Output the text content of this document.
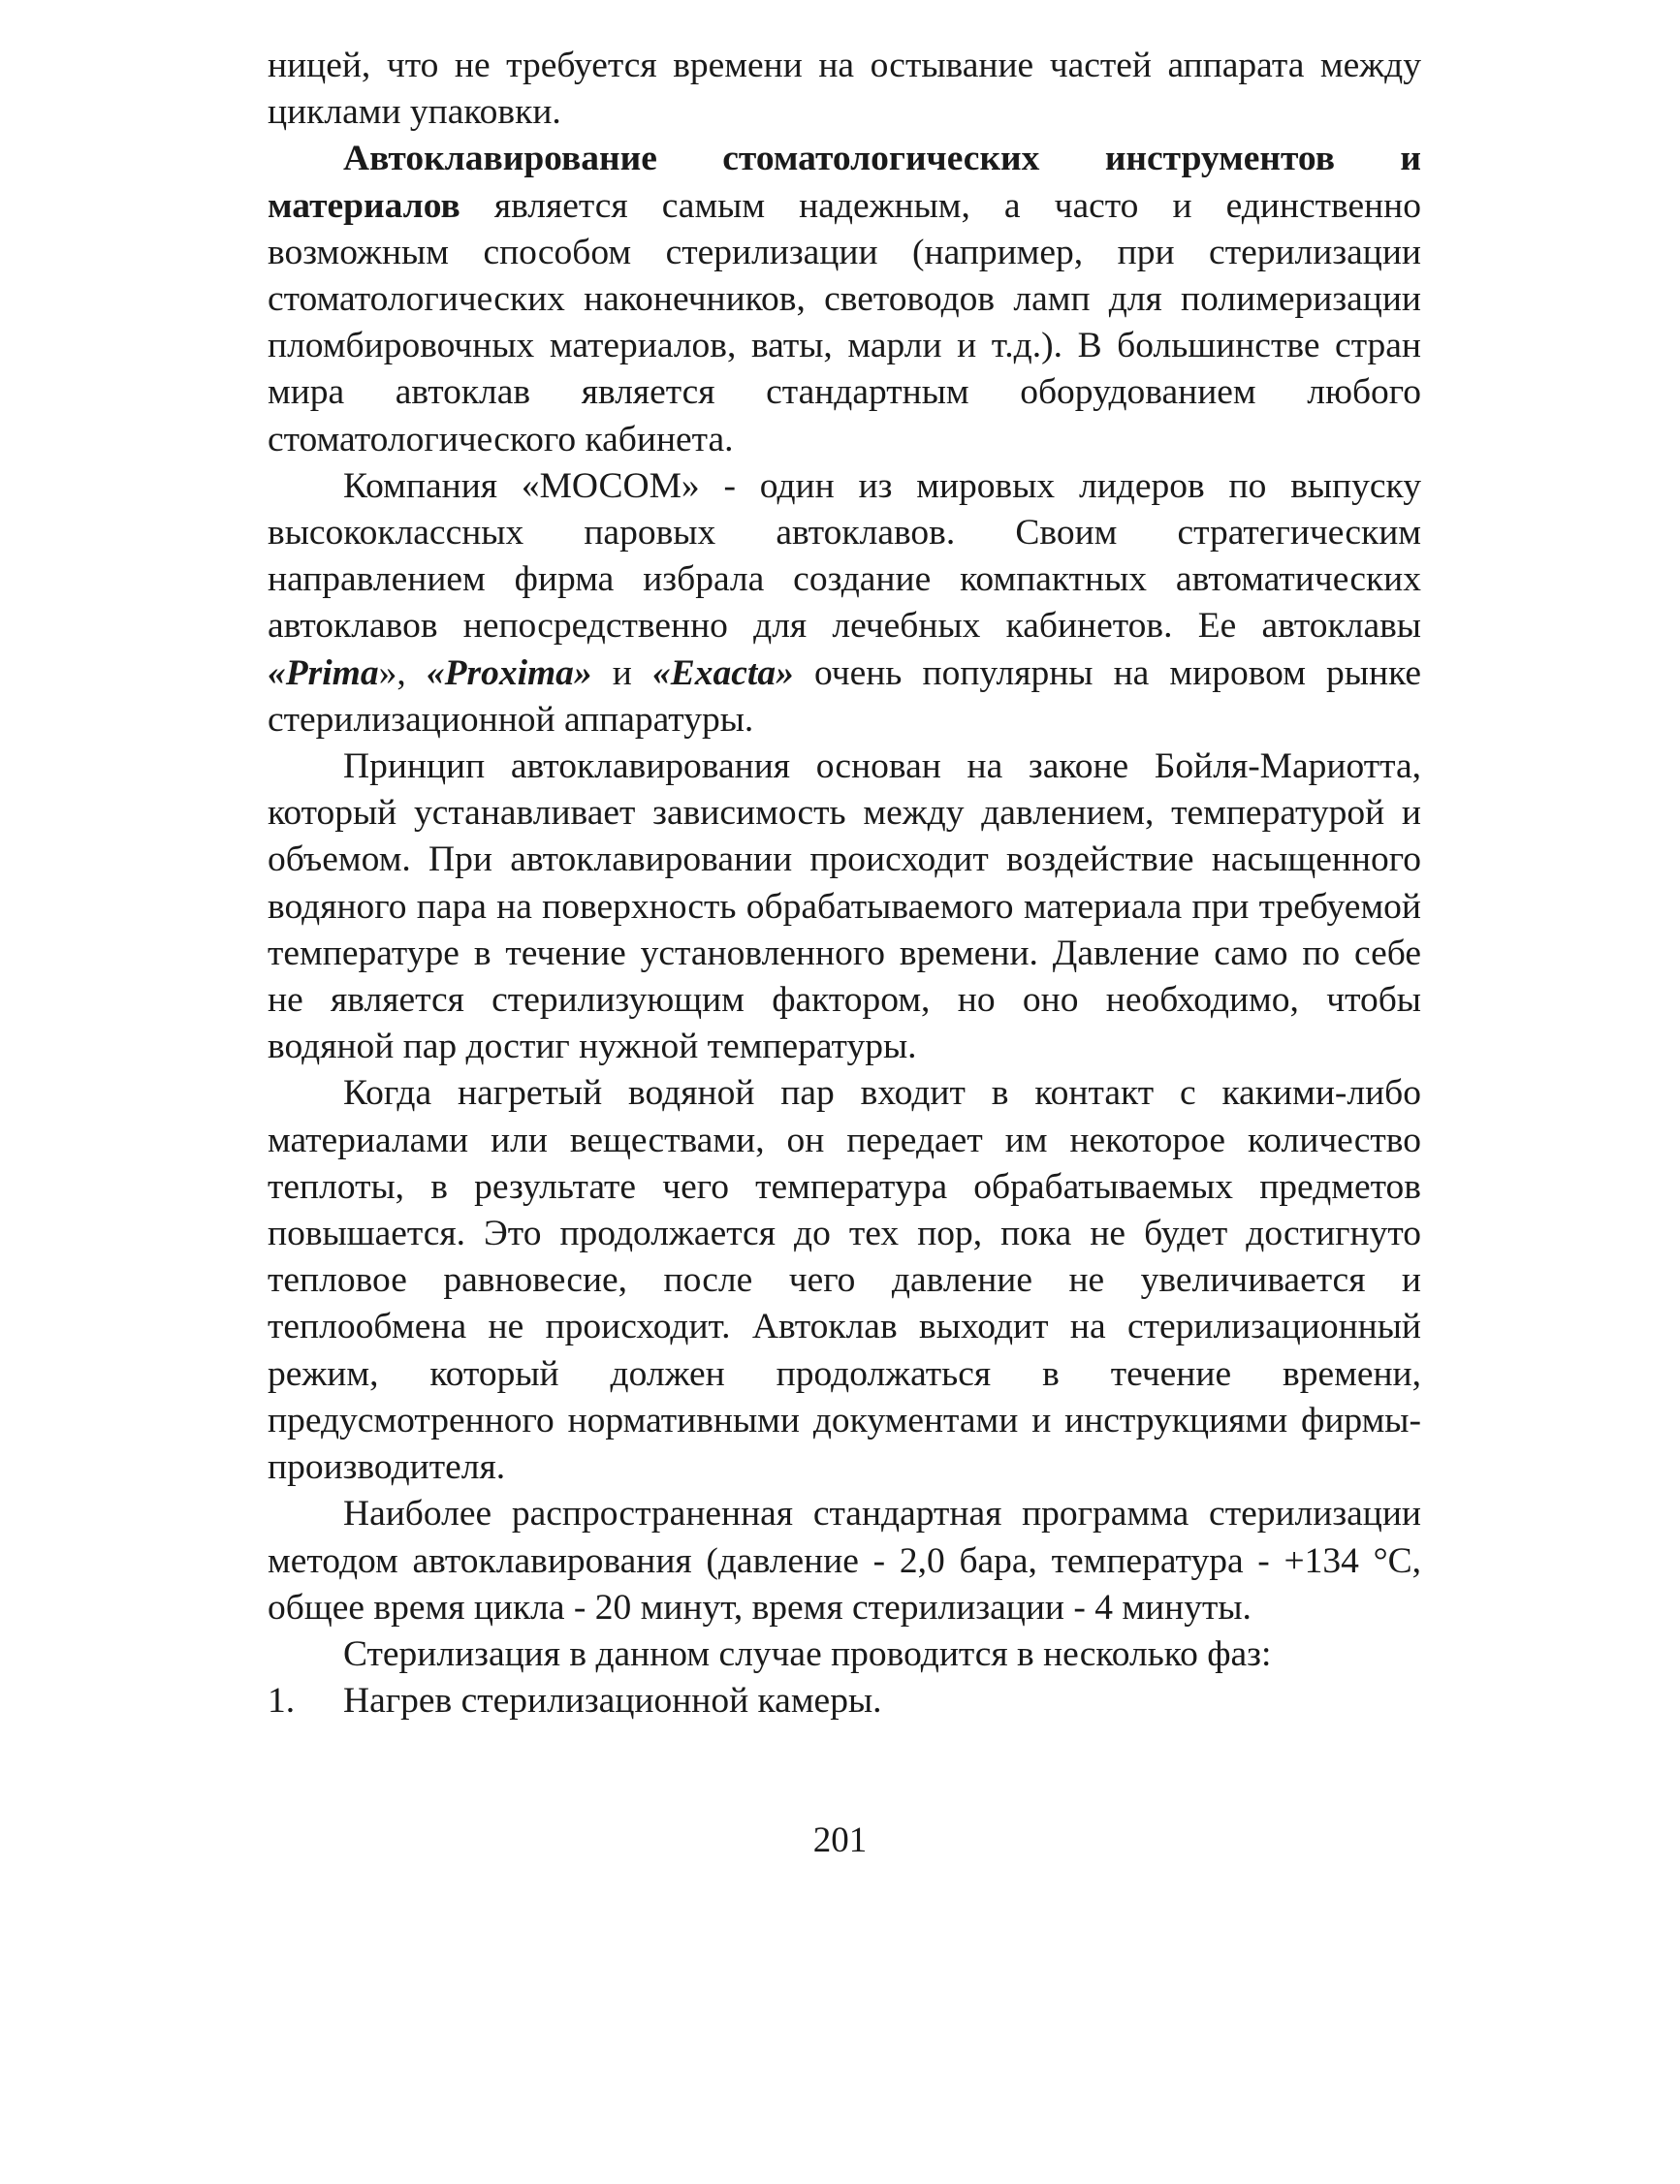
ницей, что не требуется времени на остывание частей аппарата между циклами упаковки.

Автоклавирование стоматологических инструментов и материалов является самым надежным, а часто и единственно возможным способом стерилизации (например, при стерилизации стоматологических наконечников, световодов ламп для полимеризации пломбировочных материалов, ваты, марли и т.д.). В большинстве стран мира автоклав является стандартным оборудованием любого стоматологического кабинета.

Компания «МОСОМ» - один из мировых лидеров по выпуску высококлассных паровых автоклавов. Своим стратегическим направлением фирма избрала создание компактных автоматических автоклавов непосредственно для лечебных кабинетов. Ее автоклавы «Prima», «Proxima» и «Exacta» очень популярны на мировом рынке стерилизационной аппаратуры.

Принцип автоклавирования основан на законе Бойля-Мариотта, который устанавливает зависимость между давлением, температурой и объемом. При автоклавировании происходит воздействие насыщенного водяного пара на поверхность обрабатываемого материала при требуемой температуре в течение установленного времени. Давление само по себе не является стерилизующим фактором, но оно необходимо, чтобы водяной пар достиг нужной температуры.

Когда нагретый водяной пар входит в контакт с какими-либо материалами или веществами, он передает им некоторое количество теплоты, в результате чего температура обрабатываемых предметов повышается. Это продолжается до тех пор, пока не будет достигнуто тепловое равновесие, после чего давление не увеличивается и теплообмена не происходит. Автоклав выходит на стерилизационный режим, который должен продолжаться в течение времени, предусмотренного нормативными документами и инструкциями фирмы-производителя.

Наиболее распространенная стандартная программа стерилизации методом автоклавирования (давление - 2,0 бара, температура - +134 °С, общее время цикла - 20 минут, время стерилизации - 4 минуты.

Стерилизация в данном случае проводится в несколько фаз:

1.	Нагрев стерилизационной камеры.
201
